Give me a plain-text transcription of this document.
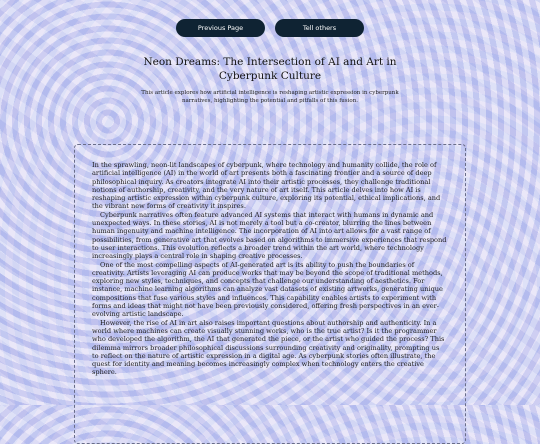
Previous Page	Tell others
Neon Dreams: The Intersection of AI and Art in
Cyberpunk Culture

This article explores how artificial intelligence is reshaping artistic expression in cyberpunk narratives, highlighting the potential and pitfalls of this fusion.

In the sprawling, neon-lit landscapes of cyberpunk, where technology and humanity collide, the role of artificial intelligence (AI) in the world of art presents both a fascinating frontier and a source of deep philosophical inquiry. As creators integrate AI into their artistic processes, they challenge traditional notions of authorship, creativity, and the very nature of art itself. This article delves into how AI is reshaping artistic expression within cyberpunk culture, exploring its potential, ethical implications, and the vibrant new forms of creativity it inspires.

Cyberpunk narratives often feature advanced AI systems that interact with humans in dynamic and unexpected ways. In these stories, AI is not merely a tool but a co-creator, blurring the lines between human ingenuity and machine intelligence. The incorporation of AI into art allows for a vast range of possibilities, from generative art that evolves based on algorithms to immersive experiences that respond to user interactions. This evolution reflects a broader trend within the art world, where technology increasingly plays a central role in shaping creative processes.

One of the most compelling aspects of AI-generated art is its ability to push the boundaries of creativity. Artists leveraging AI can produce works that may be beyond the scope of traditional methods, exploring new styles, techniques, and concepts that challenge our understanding of aesthetics. For instance, machine learning algorithms can analyze vast datasets of existing artworks, generating unique compositions that fuse various styles and influences. This capability enables artists to experiment with forms and ideas that might not have been previously considered, offering fresh perspectives in an ever-evolving artistic landscape.

However, the rise of AI in art also raises important questions about authorship and authenticity. In a world where machines can create visually stunning works, who is the true artist? Is it the programmer who developed the algorithm, the AI that generated the piece, or the artist who guided the process? This dilemma mirrors broader philosophical discussions surrounding creativity and originality, prompting us to reflect on the nature of artistic expression in a digital age. As cyberpunk stories often illustrate, the quest for identity and meaning becomes increasingly complex when technology enters the creative sphere.
